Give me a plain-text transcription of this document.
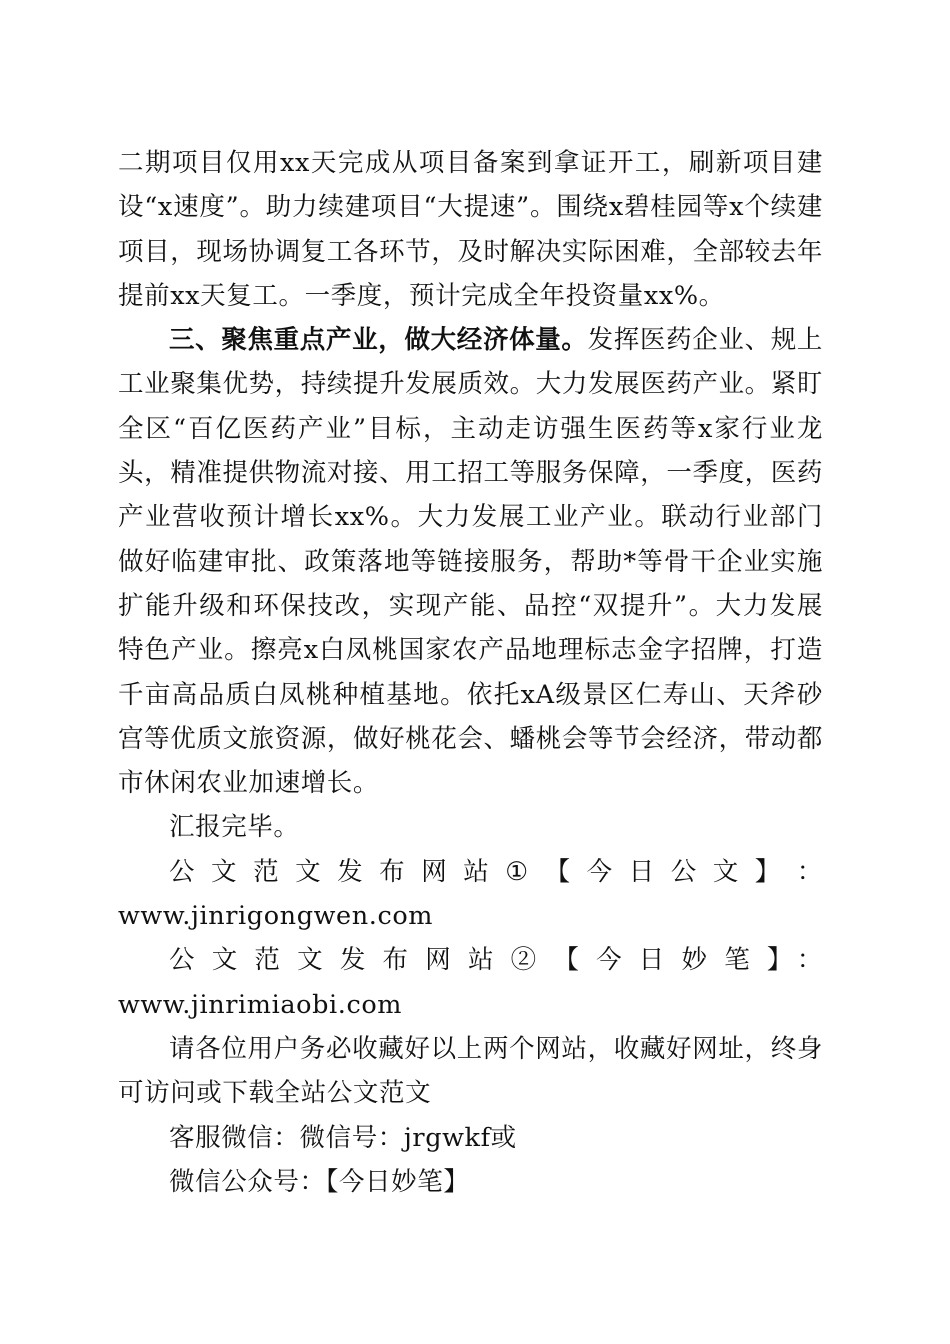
二期项目仅用xx天完成从项目备案到拿证开工，刷新项目建设“x速度”。助力续建项目“大提速”。围绕x碧桂园等x个续建项目，现场协调复工各环节，及时解决实际困难，全部较去年提前xx天复工。一季度，预计完成全年投资量xx%。

三、聚焦重点产业，做大经济体量。发挥医药企业、规上工业聚集优势，持续提升发展质效。大力发展医药产业。紧盯全区“百亿医药产业”目标，主动走访强生医药等x家行业龙头，精准提供物流对接、用工招工等服务保障，一季度，医药产业营收预计增长xx%。大力发展工业产业。联动行业部门做好临建审批、政策落地等链接服务，帮助*等骨干企业实施扩能升级和环保技改，实现产能、品控“双提升”。大力发展特色产业。擦亮x白凤桃国家农产品地理标志金字招牌，打造千亩高品质白凤桃种植基地。依托xA级景区仁寿山、天斧砂宫等优质文旅资源，做好桃花会、蟠桃会等节会经济，带动都市休闲农业加速增长。

汇报完毕。

公 文 范 文 发 布 网 站 ① 【 今 日 公 文 】 ：

www.jinrigongwen.com

公文范文发布网站②【今日妙笔】：www.jinrimiaobi.com

请各位用户务必收藏好以上两个网站，收藏好网址，终身可访问或下载全站公文范文

客服微信：微信号：jrgwkf或

微信公众号：【今日妙笔】
